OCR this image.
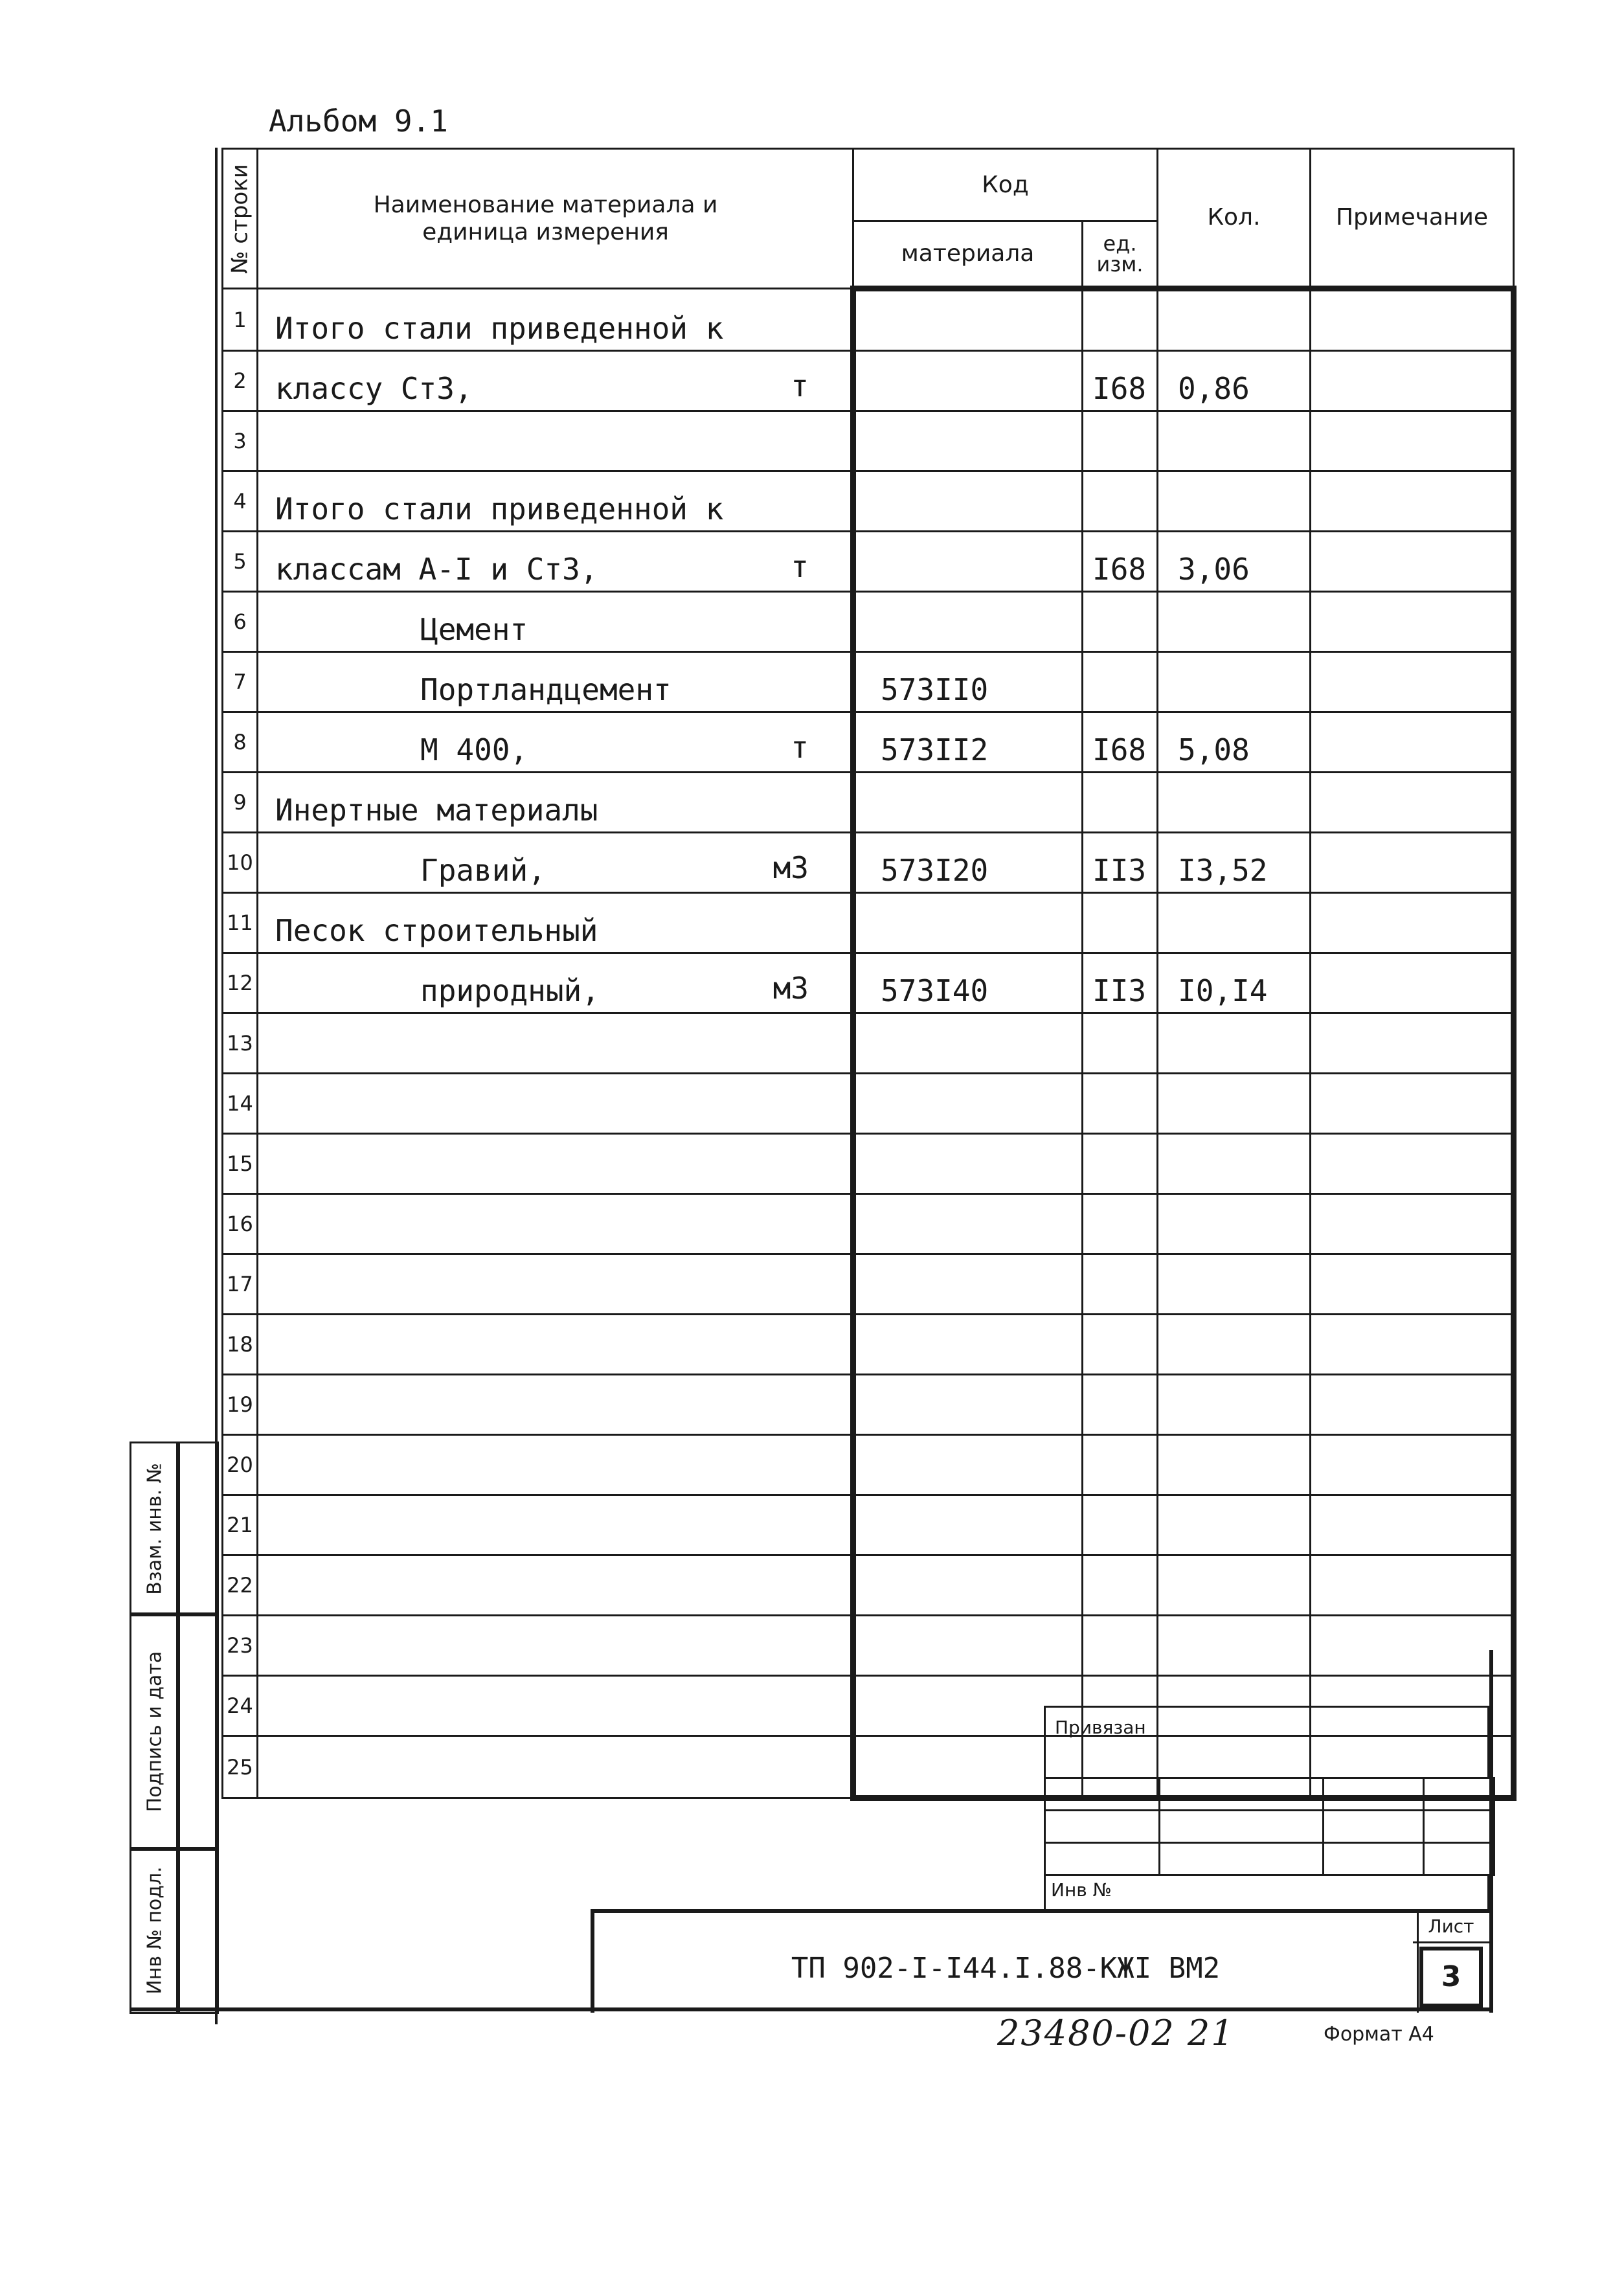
Альбом 9.1
№ строки	Наименование материала и единица измерения	Код		Кол.	Примечание
		материала	ед. изм.		
1	Итого стали приведенной к

2	классу Ст3, т		I68	0,86	
3	

4	Итого стали приведенной к

5	классам А-I и Ст3, т		I68	3,06	
6	Цемент

7	Портландцемент	573II0			
8	М 400, т	573II2	I68	5,08	
9	Инертные материалы

10	Гравий, м3	573I20	II3	I3,52	
11	Песок строительный

12	природный, м3	573I40	II3	I0,I4	
13	

14	

15	

16	

17	

18	

19	

20	

21	

22	

23	

24	

25	

Взам. инв. №
Подпись и дата
Инв № подл.
Привязан

Инв №
ТП 902-I-I44.I.88-КЖI ВМ2
Лист
3
23480-02 21	Формат А4
